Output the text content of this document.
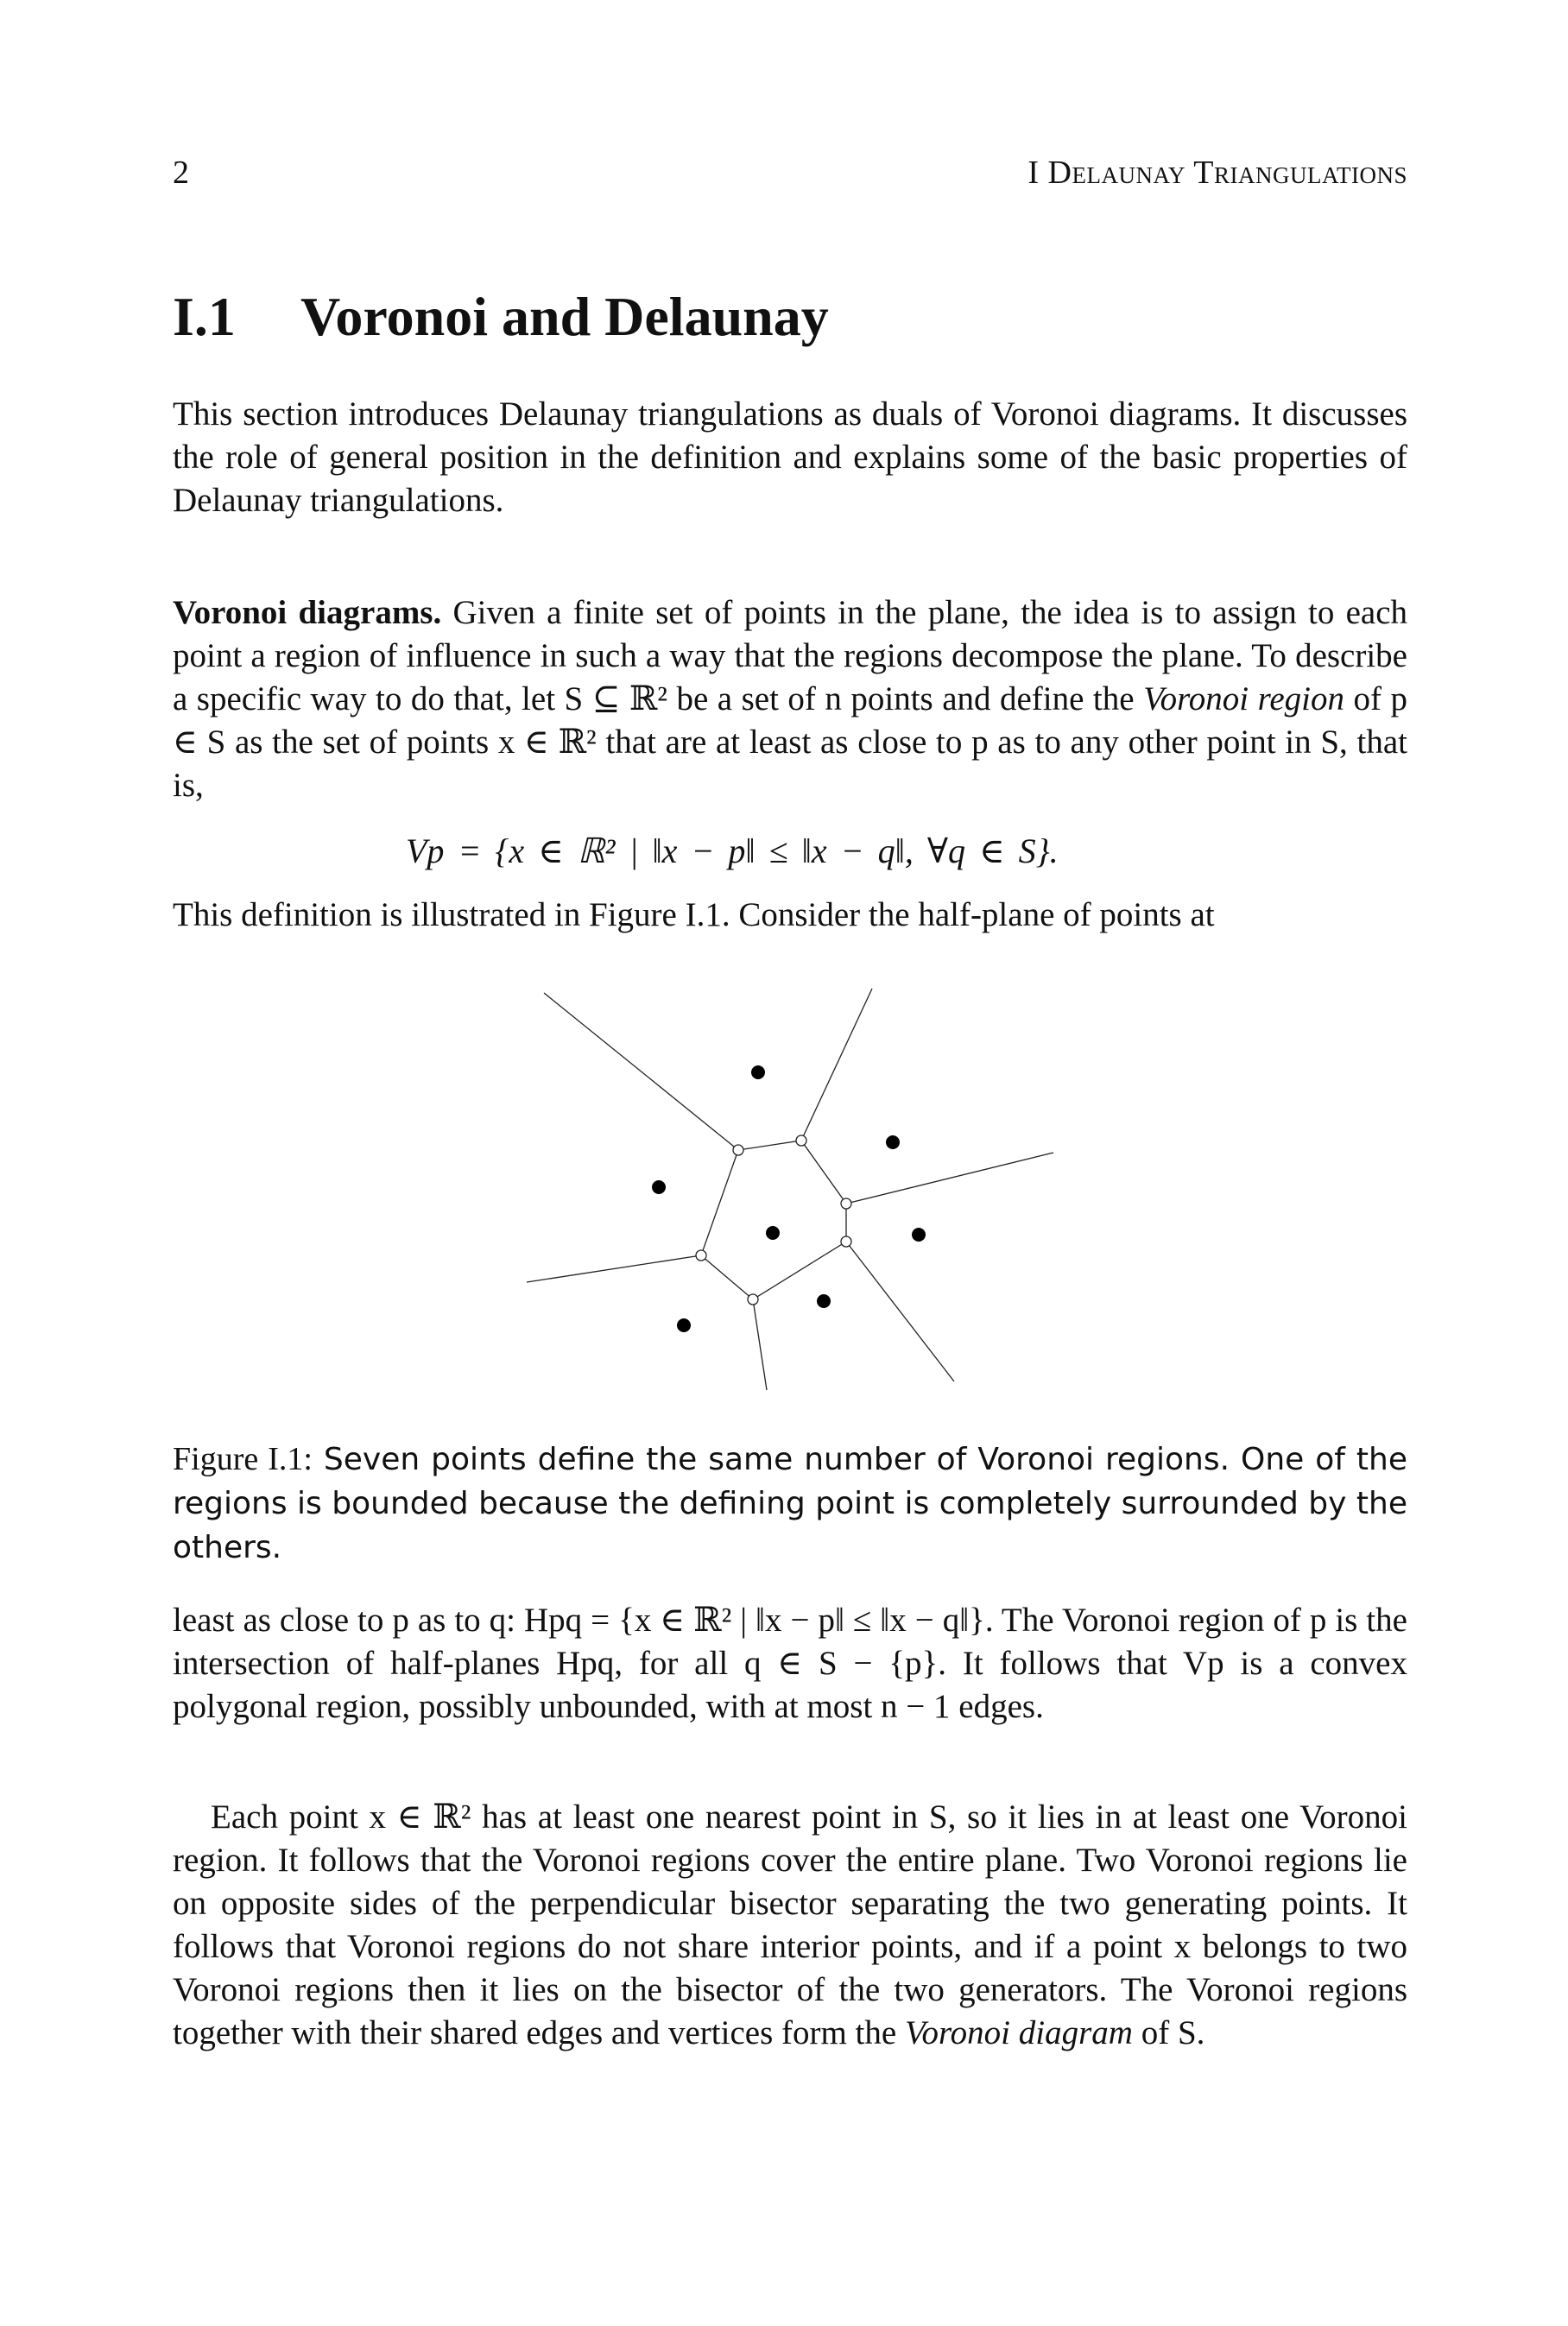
2	I Delaunay Triangulations
I.1 Voronoi and Delaunay
This section introduces Delaunay triangulations as duals of Voronoi diagrams. It discusses the role of general position in the definition and explains some of the basic properties of Delaunay triangulations.
Voronoi diagrams. Given a finite set of points in the plane, the idea is to assign to each point a region of influence in such a way that the regions decompose the plane. To describe a specific way to do that, let S ⊆ ℝ² be a set of n points and define the Voronoi region of p ∈ S as the set of points x ∈ ℝ² that are at least as close to p as to any other point in S, that is,
Vp = {x ∈ ℝ² | ‖x − p‖ ≤ ‖x − q‖, ∀q ∈ S}.
This definition is illustrated in Figure I.1. Consider the half-plane of points at
Figure I.1: Seven points define the same number of Voronoi regions. One of the regions is bounded because the defining point is completely surrounded by the others.
least as close to p as to q: Hpq = {x ∈ ℝ² | ‖x − p‖ ≤ ‖x − q‖}. The Voronoi region of p is the intersection of half-planes Hpq, for all q ∈ S − {p}. It follows that Vp is a convex polygonal region, possibly unbounded, with at most n − 1 edges.
Each point x ∈ ℝ² has at least one nearest point in S, so it lies in at least one Voronoi region. It follows that the Voronoi regions cover the entire plane. Two Voronoi regions lie on opposite sides of the perpendicular bisector separating the two generating points. It follows that Voronoi regions do not share interior points, and if a point x belongs to two Voronoi regions then it lies on the bisector of the two generators. The Voronoi regions together with their shared edges and vertices form the Voronoi diagram of S.
